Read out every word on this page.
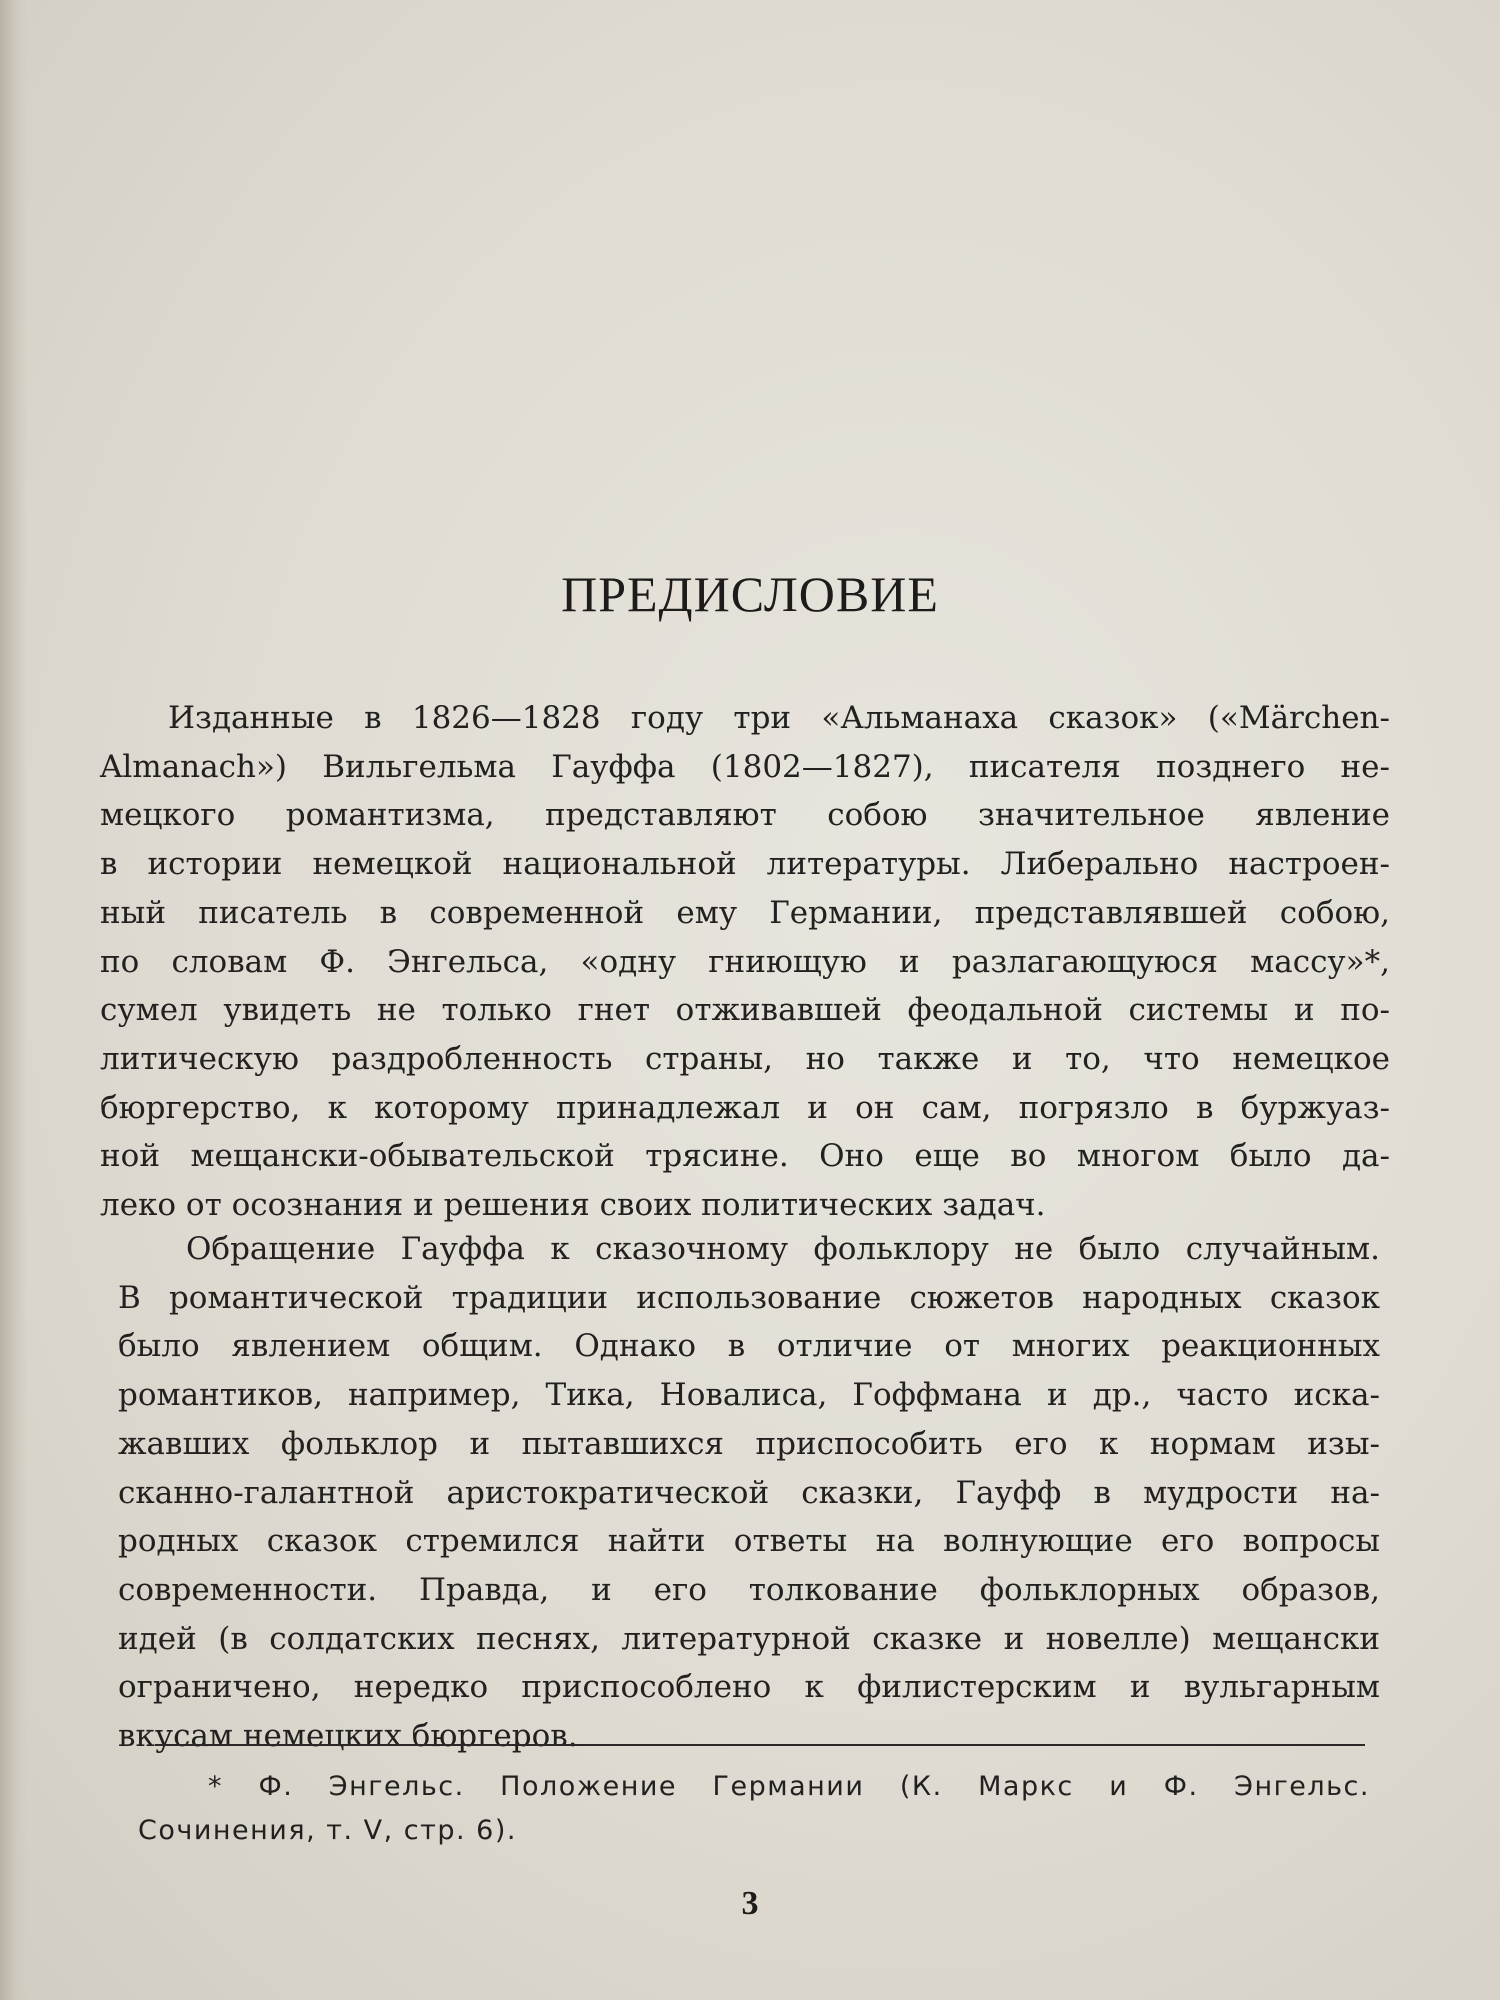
ПРЕДИСЛОВИЕ
Изданные в 1826—1828 году три «Альманаха сказок» («Märchen-
Almanach») Вильгельма Гауффа (1802—1827), писателя позднего не-
мецкого романтизма, представляют собою значительное явление
в истории немецкой национальной литературы. Либерально настроен-
ный писатель в современной ему Германии, представлявшей собою,
по словам Ф. Энгельса, «одну гниющую и разлагающуюся массу»*,
сумел увидеть не только гнет отживавшей феодальной системы и по-
литическую раздробленность страны, но также и то, что немецкое
бюргерство, к которому принадлежал и он сам, погрязло в буржуаз-
ной мещански-обывательской трясине. Оно еще во многом было да-
леко от осознания и решения своих политических задач.
Обращение Гауффа к сказочному фольклору не было случайным.
В романтической традиции использование сюжетов народных сказок
было явлением общим. Однако в отличие от многих реакционных
романтиков, например, Тика, Новалиса, Гоффмана и др., часто иска-
жавших фольклор и пытавшихся приспособить его к нормам изы-
сканно-галантной аристократической сказки, Гауфф в мудрости на-
родных сказок стремился найти ответы на волнующие его вопросы
современности. Правда, и его толкование фольклорных образов,
идей (в солдатских песнях, литературной сказке и новелле) мещански
ограничено, нередко приспособлено к филистерским и вульгарным
вкусам немецких бюргеров.
* Ф. Энгельс. Положение Германии (К. Маркс и Ф. Энгельс.
Сочинения, т. V, стр. 6).
3
